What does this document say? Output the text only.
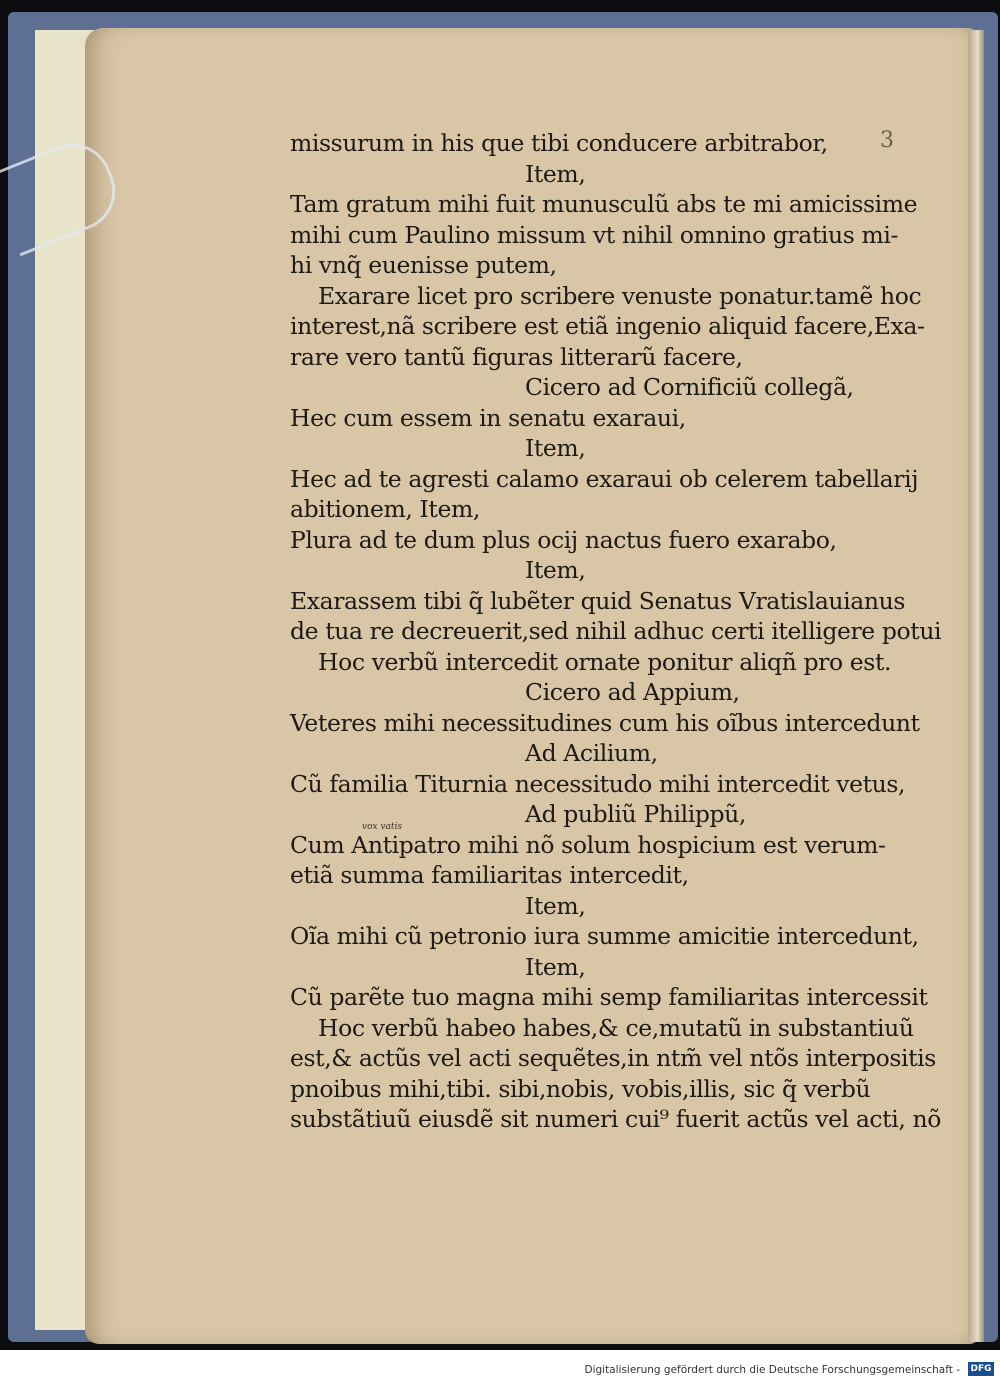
3
missurum in his que tibi conducere arbitrabor,
Item,
Tam gratum mihi fuit munusculũ abs te mi amicissime
mihi cum Paulino missum vt nihil omnino gratius mi-
hi vnq̃ euenisse putem,
Exarare licet pro scribere venuste ponatur.tamẽ hoc
interest,nã scribere est etiã ingenio aliquid facere,Exa-
rare vero tantũ figuras litterarũ facere,
Cicero ad Cornificiũ collegã,
Hec cum essem in senatu exaraui,
Item,
Hec ad te agresti calamo exaraui ob celerem tabellarij
abitionem, Item,
Plura ad te dum plus ocij nactus fuero exarabo,
Item,
Exarassem tibi q̃ lubẽter quid Senatus Vratislauianus
de tua re decreuerit,sed nihil adhuc certi itelligere potui
Hoc verbũ intercedit ornate ponitur aliqñ pro est.
Cicero ad Appium,
Veteres mihi necessitudines cum his oĩbus intercedunt
Ad Acilium,
Cũ familia Titurnia necessitudo mihi intercedit vetus,
Ad publiũ Philippũ,
Cum Antipatro mihi nõ solum hospicium est verum-
etiã summa familiaritas intercedit,
Item,
Oĩa mihi cũ petronio iura summe amicitie intercedunt,
Item,
Cũ parẽte tuo magna mihi semp familiaritas intercessit
Hoc verbũ habeo habes,& ce,mutatũ in substantiuũ
est,& actũs vel acti sequẽtes,in ntm̃ vel ntõs interpositis
pnoibus mihi,tibi. sibi,nobis, vobis,illis, sic q̃ verbũ
substãtiuũ eiusdẽ sit numeri cui⁹ fuerit actũs vel acti, nõ
vox vatis
Digitalisierung gefördert durch die Deutsche Forschungsgemeinschaft - DFG
